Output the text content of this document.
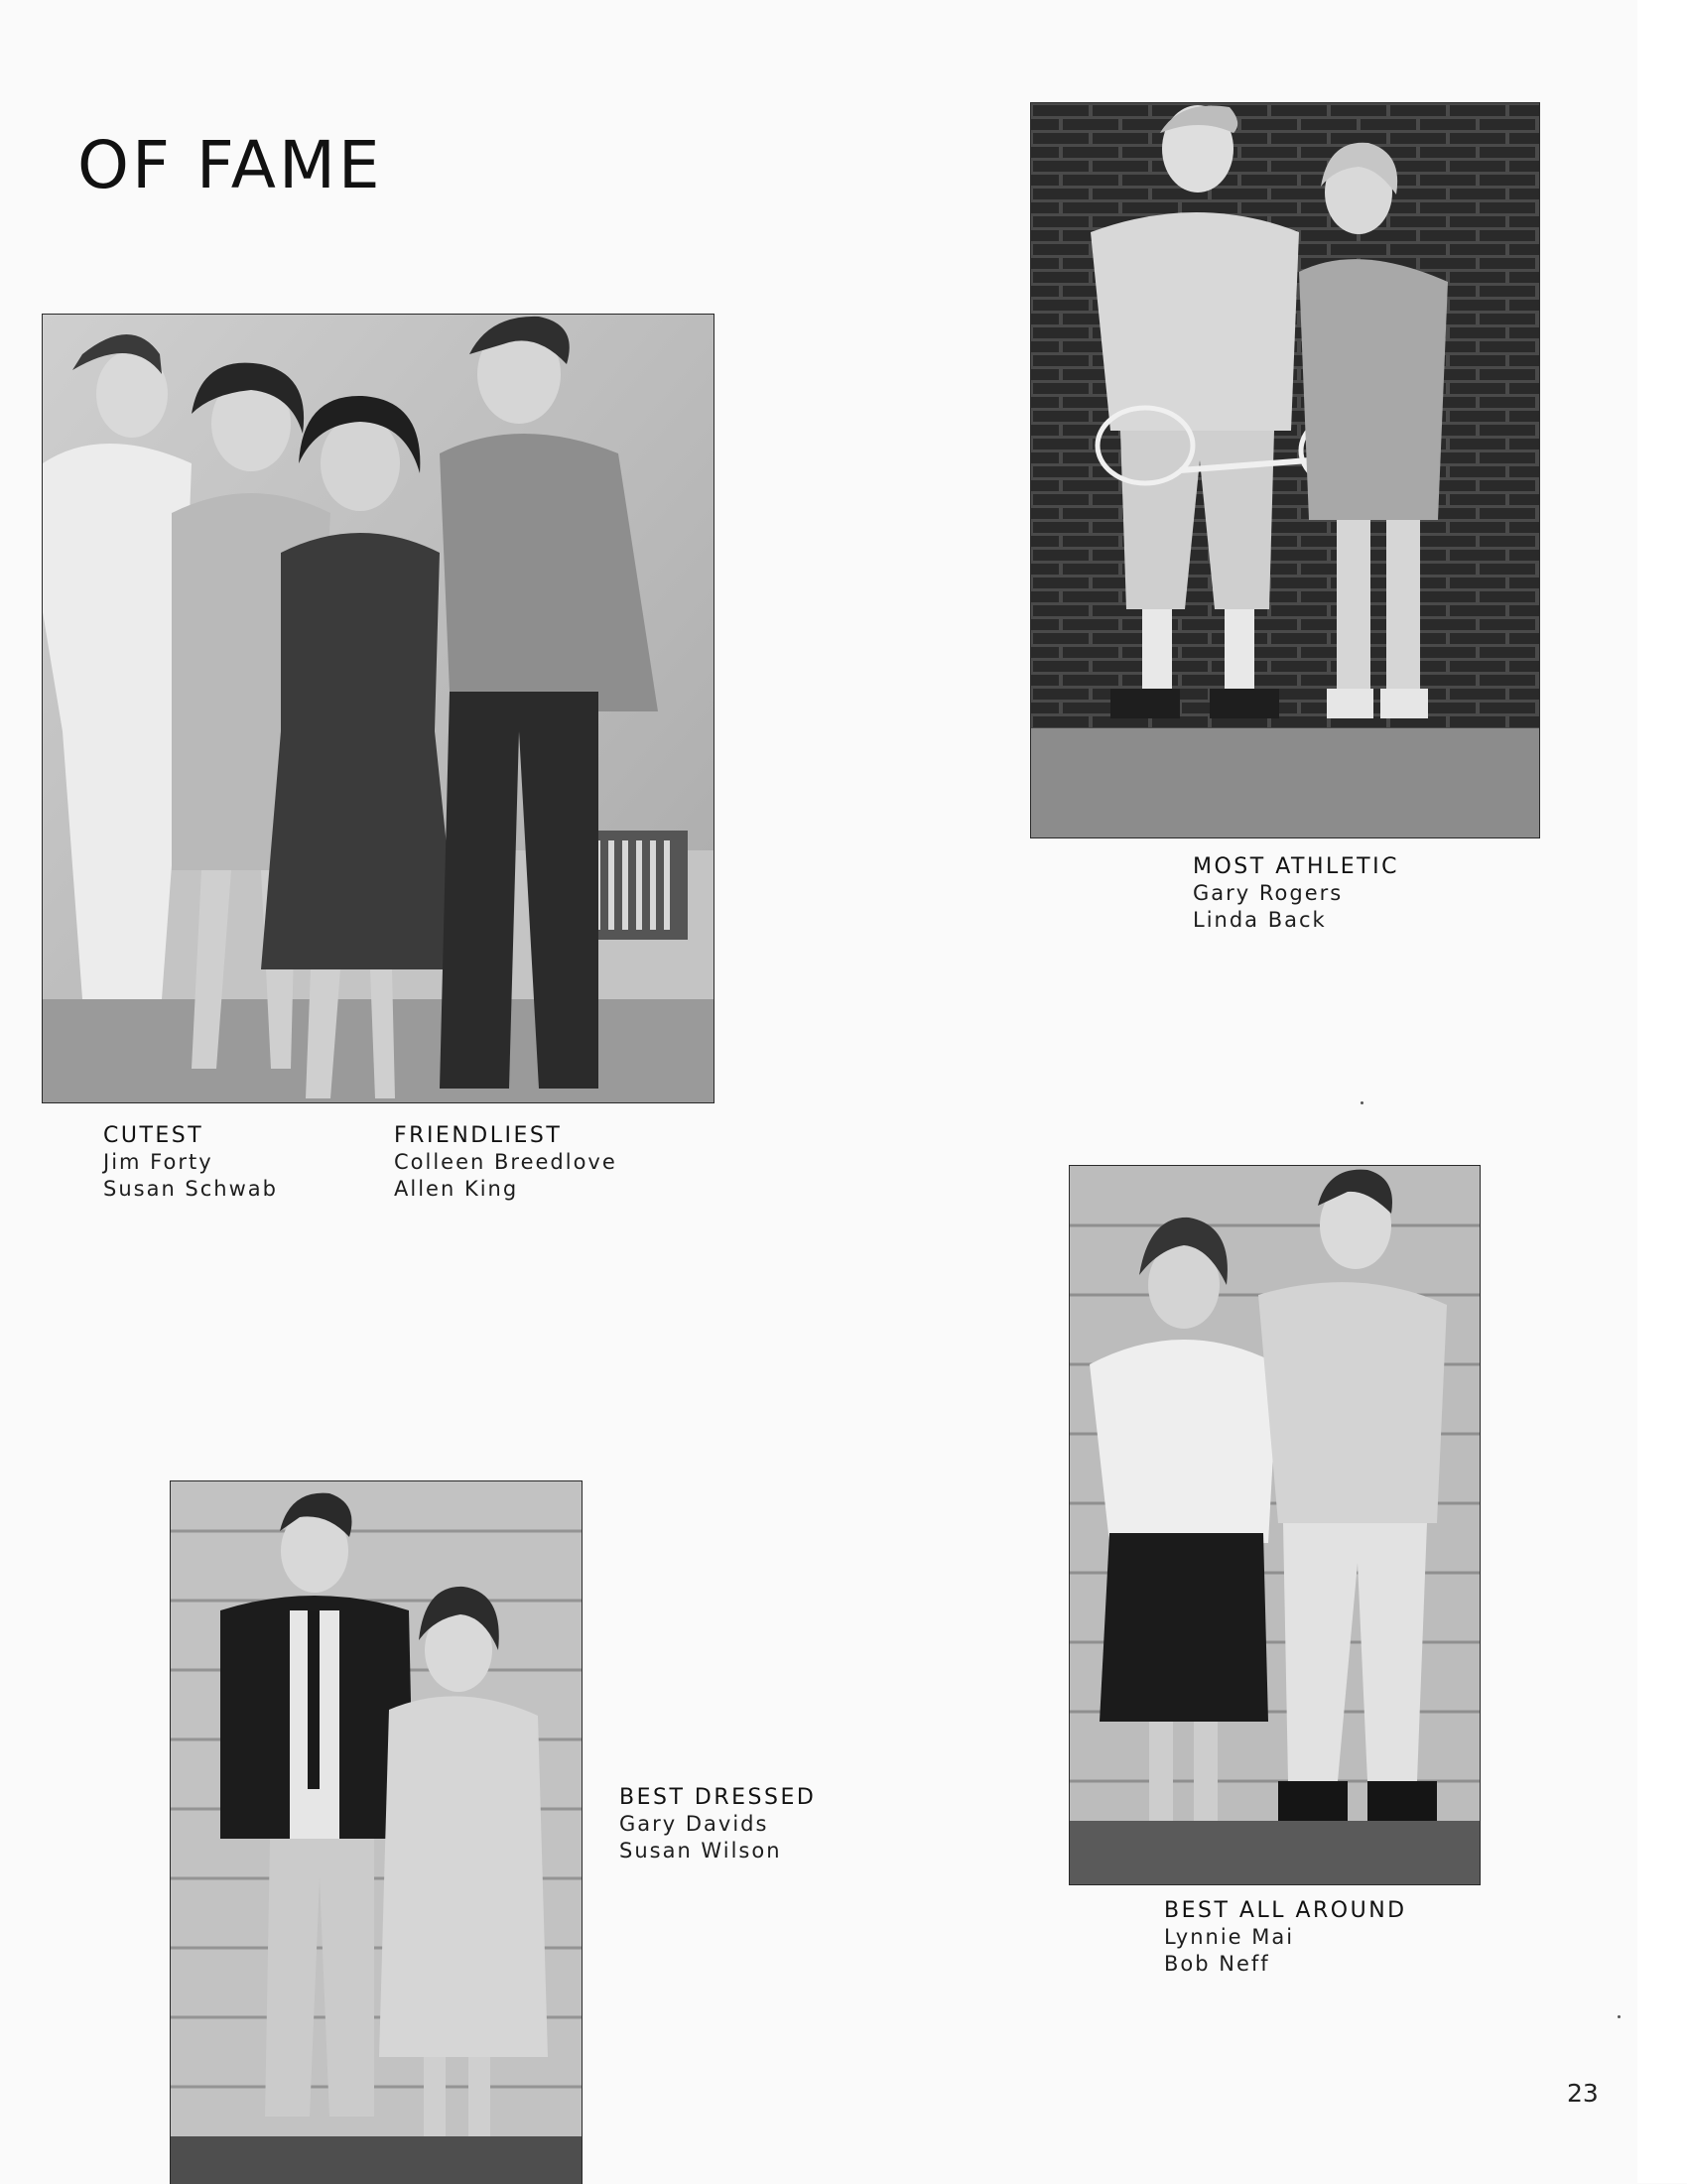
OF FAME
CUTEST
Jim Forty
Susan Schwab
FRIENDLIEST
Colleen Breedlove
Allen King
MOST ATHLETIC
Gary Rogers
Linda Back
BEST ALL AROUND
Lynnie Mai
Bob Neff
BEST DRESSED
Gary Davids
Susan Wilson
23
